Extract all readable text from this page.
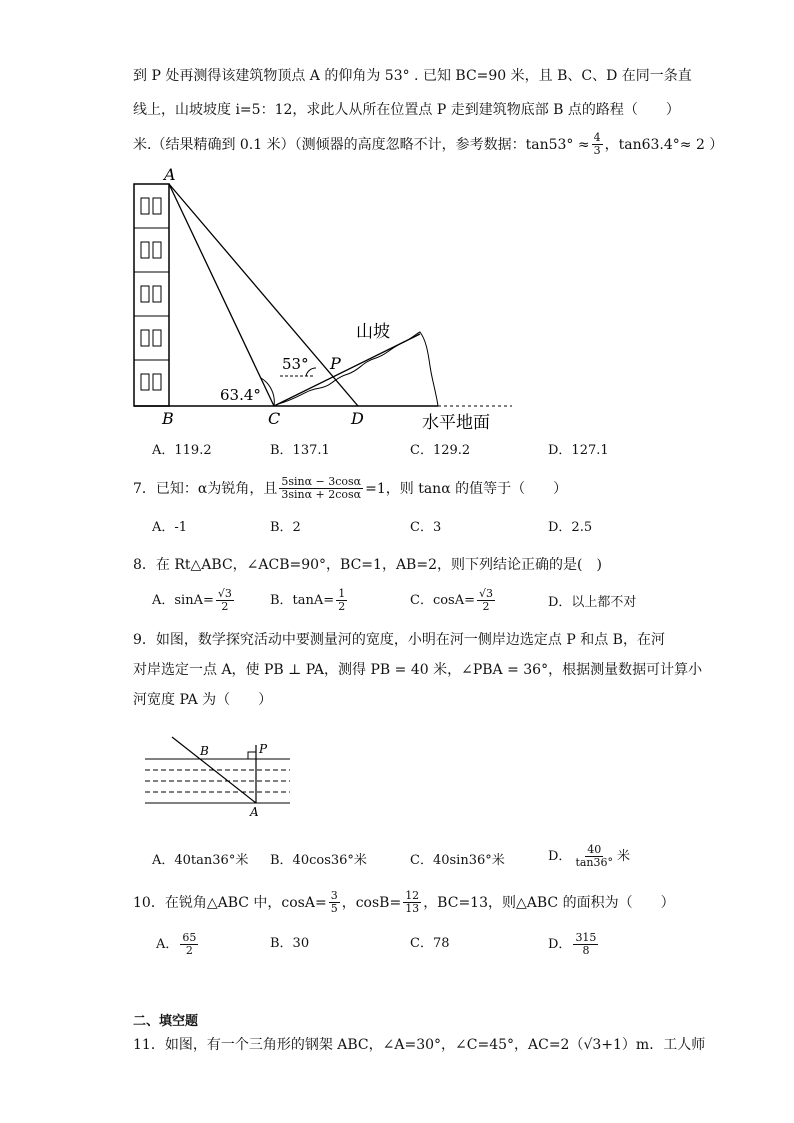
到 P 处再测得该建筑物顶点 A 的仰角为 53° . 已知 BC=90 米，且 B、C、D 在同一条直
线上，山坡坡度 i=5：12，求此人从所在位置点 P 走到建筑物底部 B 点的路程（　　）
米.（结果精确到 0.1 米）（测倾器的高度忽略不计，参考数据：$\tan 53^\circ \approx \frac{4}{3}$ ，tan63.4°≈ 2 ）
A
B	C	D
P
53°
63.4°
山坡
水平地面
A．119.2	B．137.1	C．129.2	D．127.1
7．已知：α为锐角，且 $\frac{5\sin\alpha - 3\cos\alpha}{3\sin\alpha + 2\cos\alpha} =1$，则 tanα 的值等于（　　）
A．-1	B．2	C．3	D．2.5
8．在 Rt△ABC，∠ACB=90°，BC=1，AB=2，则下列结论正确的是(　)
A．$\sin A= \frac{√3}{2}$	B．$\tan A= \frac{1}{2}$	C．$\cos A= \frac{√3}{2}$	D．以上都不对
9．如图，数学探究活动中要测量河的宽度，小明在河一侧岸边选定点 P 和点 B，在河
对岸选定一点 A，使 PB ⊥ PA，测得 PB = 40 米，∠PBA = 36°，根据测量数据可计算小
河宽度 PA 为（　　）
B	P
A
A．40tan36°米 B．40cos36°米	C．40sin36°米	D． $\frac{40}{\tan 36^\circ}$ 米
10．在锐角△ABC 中，$\cos A= \frac{3}{5}$ ，$\cos B= \frac{12}{13}$ ，BC=13，则△ABC 的面积为（　　）
A． $\frac{65}{2}$	B．30	C．78	D． $\frac{315}{8}$
二、填空题
11．如图，有一个三角形的钢架 ABC，∠A=30°，∠C=45°，AC=2（√3+1）m．工人师
